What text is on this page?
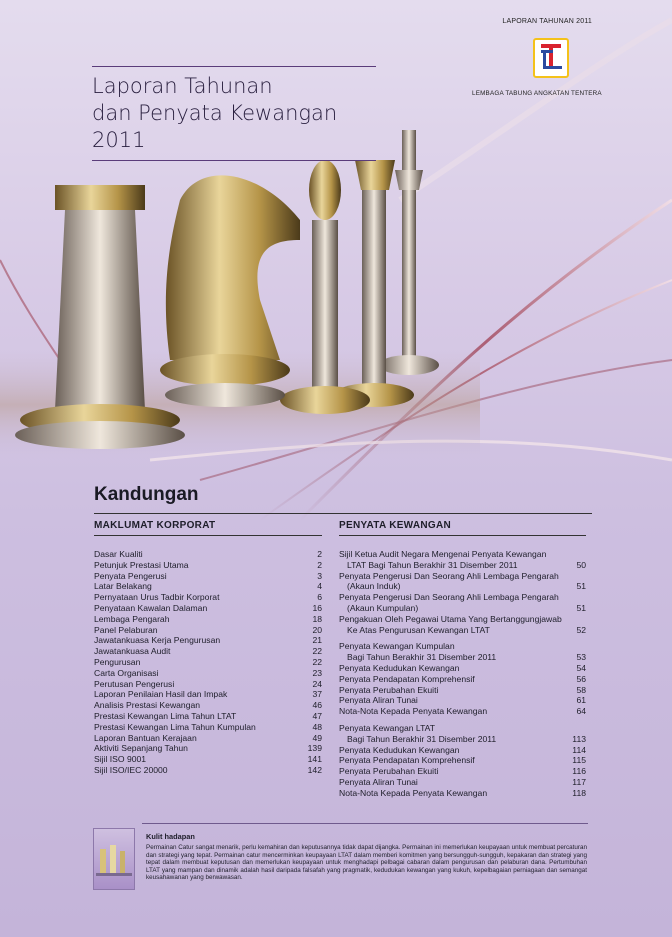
LAPORAN TAHUNAN 2011
LEMBAGA TABUNG ANGKATAN TENTERA
Laporan Tahunan
dan Penyata Kewangan 2011
Kandungan
MAKLUMAT KORPORAT
Dasar Kualiti	2
Petunjuk Prestasi Utama	2
Penyata Pengerusi	3
Latar Belakang	4
Pernyataan Urus Tadbir Korporat	6
Penyataan Kawalan Dalaman	16
Lembaga Pengarah	18
Panel Pelaburan	20
Jawatankuasa Kerja Pengurusan	21
Jawatankuasa Audit	22
Pengurusan	22
Carta Organisasi	23
Perutusan Pengerusi	24
Laporan Penilaian Hasil dan Impak	37
Analisis Prestasi Kewangan	46
Prestasi Kewangan Lima Tahun LTAT	47
Prestasi Kewangan Lima Tahun Kumpulan	48
Laporan Bantuan Kerajaan	49
Aktiviti Sepanjang Tahun	139
Sijil ISO 9001	141
Sijil ISO/IEC 20000	142
PENYATA KEWANGAN
Sijil Ketua Audit Negara Mengenai Penyata Kewangan
LTAT Bagi Tahun Berakhir 31 Disember 2011	50
Penyata Pengerusi Dan Seorang Ahli Lembaga Pengarah
(Akaun Induk)	51
Penyata Pengerusi Dan Seorang Ahli Lembaga Pengarah
(Akaun Kumpulan)	51
Pengakuan Oleh Pegawai Utama Yang Bertanggungjawab
Ke Atas Pengurusan Kewangan LTAT	52
Penyata Kewangan Kumpulan
Bagi Tahun Berakhir 31 Disember 2011	53
Penyata Kedudukan Kewangan	54
Penyata Pendapatan Komprehensif	56
Penyata Perubahan Ekuiti	58
Penyata Aliran Tunai	61
Nota-Nota Kepada Penyata Kewangan	64
Penyata Kewangan LTAT
Bagi Tahun Berakhir 31 Disember 2011	113
Penyata Kedudukan Kewangan	114
Penyata Pendapatan Komprehensif	115
Penyata Perubahan Ekuiti	116
Penyata Aliran Tunai	117
Nota-Nota Kepada Penyata Kewangan	118
Kulit hadapan

Permainan Catur sangat menarik, perlu kemahiran dan keputusannya tidak dapat dijangka. Permainan ini memerlukan keupayaan untuk membuat percaturan dan strategi yang tepat. Permainan catur mencerminkan keupayaan LTAT dalam memberi komitmen yang bersungguh-sungguh, kepakaran dan strategi yang tepat dalam membuat keputusan dan memerlukan keupayaan untuk menghadapi pelbagai cabaran dalam pengurusan dan pelaburan dana. Pertumbuhan LTAT yang mampan dan dinamik adalah hasil daripada falsafah yang pragmatik, kedudukan kewangan yang kukuh, kepelbagaian perniagaan dan semangat keusahawanan yang berwawasan.
